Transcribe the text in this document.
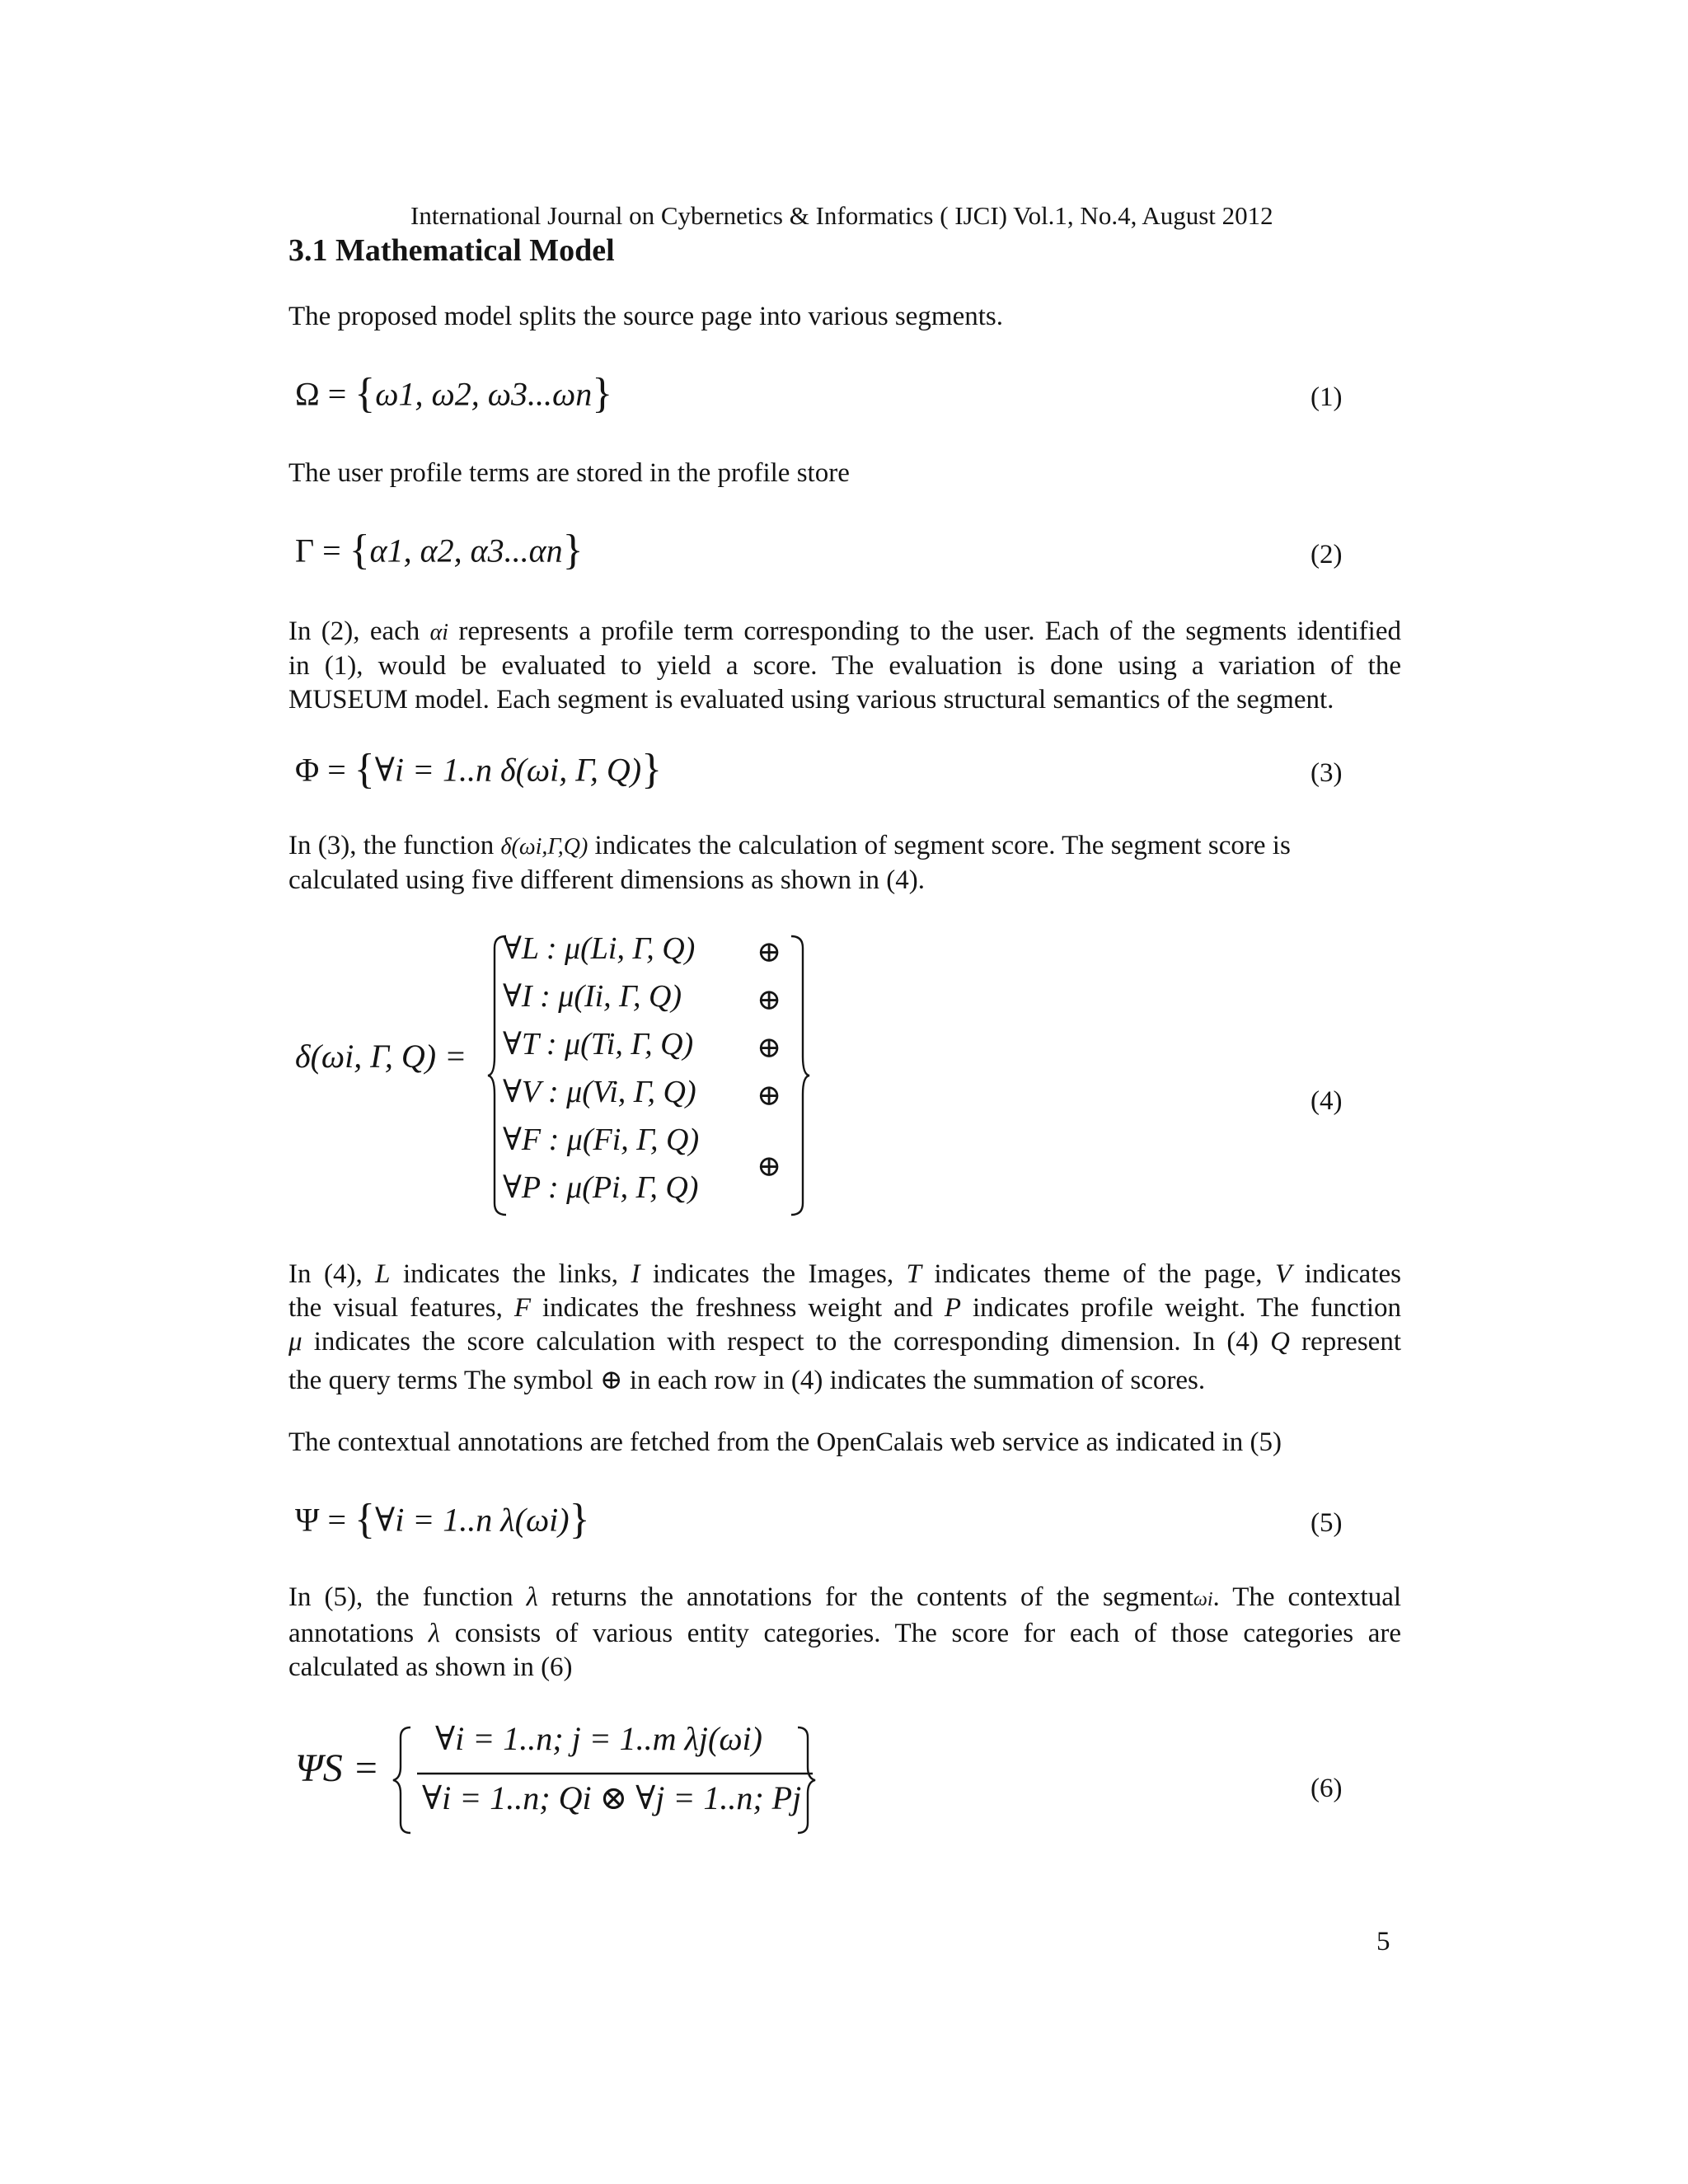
International Journal on Cybernetics & Informatics ( IJCI) Vol.1, No.4, August 2012
3.1 Mathematical Model
The proposed model splits the source page into various segments.
Ω = {ω1, ω2, ω3...ωn}	(1)
The user profile terms are stored in the profile store
Γ = {α1, α2, α3...αn}	(2)
In (2), each αi represents a profile term corresponding to the user. Each of the segments identified
in (1), would be evaluated to yield a score. The evaluation is done using a variation of the
MUSEUM model. Each segment is evaluated using various structural semantics of the segment.
Φ = {∀i = 1..n δ(ωi, Γ, Q)}	(3)
In (3), the function δ(ωi,Γ,Q) indicates the calculation of segment score. The segment score is
calculated using five different dimensions as shown in (4).
δ(ωi, Γ, Q) =
∀L : μ(Li, Γ, Q)
∀I : μ(Ii, Γ, Q)
∀T : μ(Ti, Γ, Q)
∀V : μ(Vi, Γ, Q)
∀F : μ(Fi, Γ, Q)
∀P : μ(Pi, Γ, Q)
⊕
⊕
⊕
⊕
⊕
(4)
In (4), L indicates the links, I indicates the Images, T indicates theme of the page, V indicates
the visual features, F indicates the freshness weight and P indicates profile weight. The function
μ indicates the score calculation with respect to the corresponding dimension. In (4) Q represent
the query terms The symbol ⊕ in each row in (4) indicates the summation of scores.
The contextual annotations are fetched from the OpenCalais web service as indicated in (5)
Ψ = {∀i = 1..n λ(ωi)}	(5)
In (5), the function λ returns the annotations for the contents of the segmentωi. The contextual
annotations λ consists of various entity categories. The score for each of those categories are
calculated as shown in (6)
ΨS =
∀i = 1..n; j = 1..m λj(ωi)
∀i = 1..n; Qi ⊗ ∀j = 1..n; Pj	(6)
5
